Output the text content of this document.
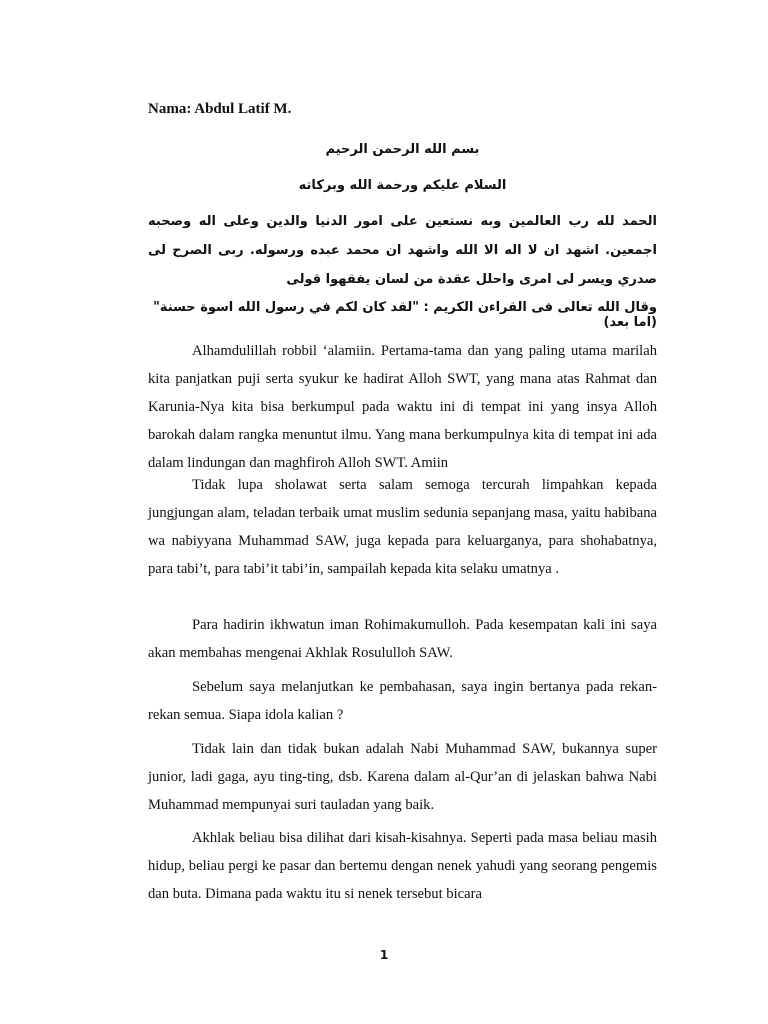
Nama: Abdul Latif M.
بسم الله الرحمن الرحيم
السلام عليكم ورحمة الله وبركاته
الحمد لله رب العالمين وبه نستعين على امور الدنيا والدين وعلى اله وصحبه اجمعين. اشهد ان لا اله الا الله واشهد ان محمد عبده ورسوله. ربى الصرح لى صدري ويسر لى امرى واحلل عقدة من لسان يفقهوا قولى
وقال الله تعالى فى القراءن الكريم : "لقد كان لكم في رسول الله اسوة حسنة" (اما بعد)

Alhamdulillah robbil ‘alamiin. Pertama-tama dan yang paling utama marilah kita panjatkan puji serta syukur ke hadirat Alloh SWT, yang mana atas Rahmat dan Karunia-Nya kita bisa berkumpul pada waktu ini di tempat ini yang insya Alloh barokah dalam rangka menuntut ilmu. Yang mana berkumpulnya kita di tempat ini ada dalam lindungan dan maghfiroh Alloh SWT. Amiin

Tidak lupa sholawat serta salam semoga tercurah limpahkan kepada jungjungan alam, teladan terbaik umat muslim sedunia sepanjang masa, yaitu habibana wa nabiyyana Muhammad SAW, juga kepada para keluarganya, para shohabatnya, para tabi’t, para tabi’it tabi’in, sampailah kepada kita selaku umatnya .

Para hadirin ikhwatun iman Rohimakumulloh. Pada kesempatan kali ini saya akan membahas mengenai Akhlak Rosululloh SAW.

Sebelum saya melanjutkan ke pembahasan, saya ingin bertanya pada rekan-rekan semua. Siapa idola kalian ?

Tidak lain dan tidak bukan adalah Nabi Muhammad SAW, bukannya super junior, ladi gaga, ayu ting-ting, dsb. Karena dalam al-Qur’an di jelaskan bahwa Nabi Muhammad mempunyai suri tauladan yang baik.

Akhlak beliau bisa dilihat dari kisah-kisahnya. Seperti pada masa beliau masih hidup, beliau pergi ke pasar dan bertemu dengan nenek yahudi yang seorang pengemis dan buta. Dimana pada waktu itu si nenek tersebut bicara

1
